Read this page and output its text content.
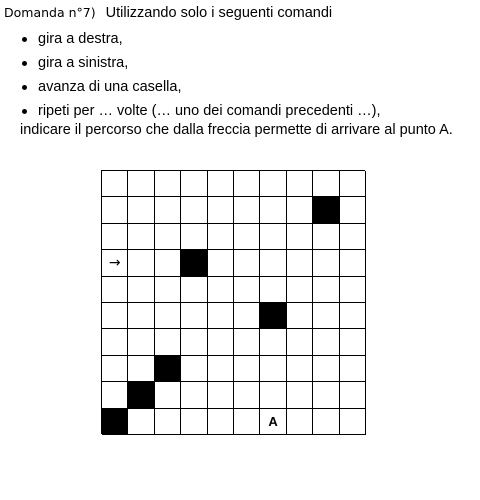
Domanda n°7) Utilizzando solo i seguenti comandi
gira a destra,
gira a sinistra,
avanza di una casella,
ripeti per … volte (… uno dei comandi precedenti …),
indicare il percorso che dalla freccia permette di arrivare al punto A.
→
A
